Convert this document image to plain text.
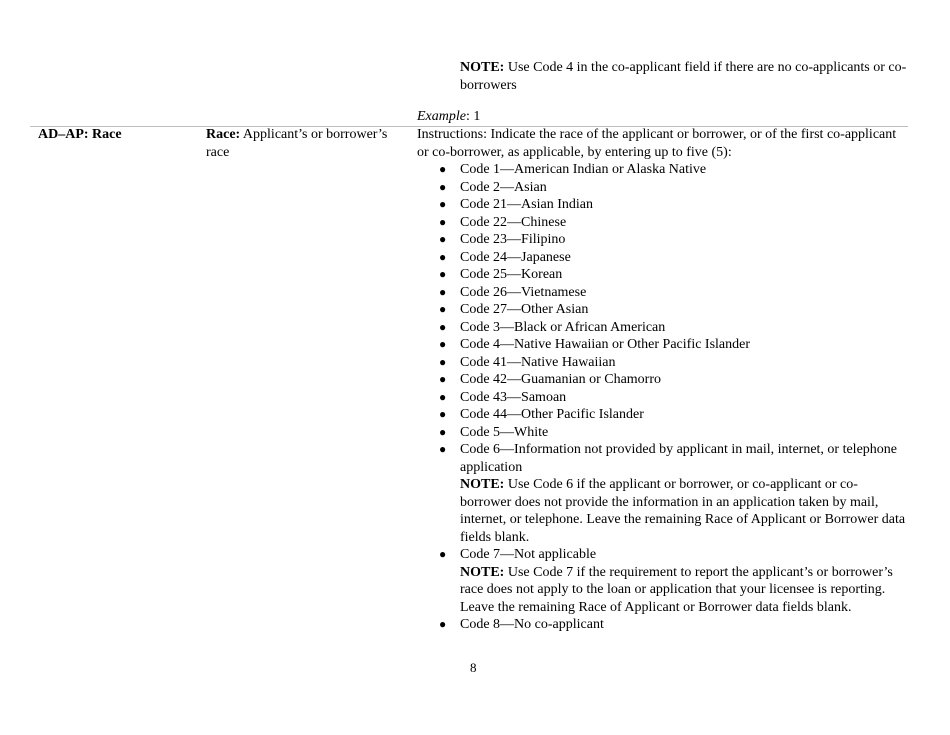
NOTE: Use Code 4 in the co-applicant field if there are no co-applicants or co-borrowers
Example: 1
AD–AP: Race	Race: Applicant’s or borrower’s race

Instructions: Indicate the race of the applicant or borrower, or of the first co-applicant or co-borrower, as applicable, by entering up to five (5):

● Code 1—American Indian or Alaska Native
● Code 2—Asian
● Code 21—Asian Indian
● Code 22—Chinese
● Code 23—Filipino
● Code 24—Japanese
● Code 25—Korean
● Code 26—Vietnamese
● Code 27—Other Asian
● Code 3—Black or African American
● Code 4—Native Hawaiian or Other Pacific Islander
● Code 41—Native Hawaiian
● Code 42—Guamanian or Chamorro
● Code 43—Samoan
● Code 44—Other Pacific Islander
● Code 5—White
● Code 6—Information not provided by applicant in mail, internet, or telephone application
NOTE: Use Code 6 if the applicant or borrower, or co-applicant or co-borrower does not provide the information in an application taken by mail, internet, or telephone. Leave the remaining Race of Applicant or Borrower data fields blank.
● Code 7—Not applicable
NOTE: Use Code 7 if the requirement to report the applicant’s or borrower’s race does not apply to the loan or application that your licensee is reporting. Leave the remaining Race of Applicant or Borrower data fields blank.
● Code 8—No co-applicant
8
